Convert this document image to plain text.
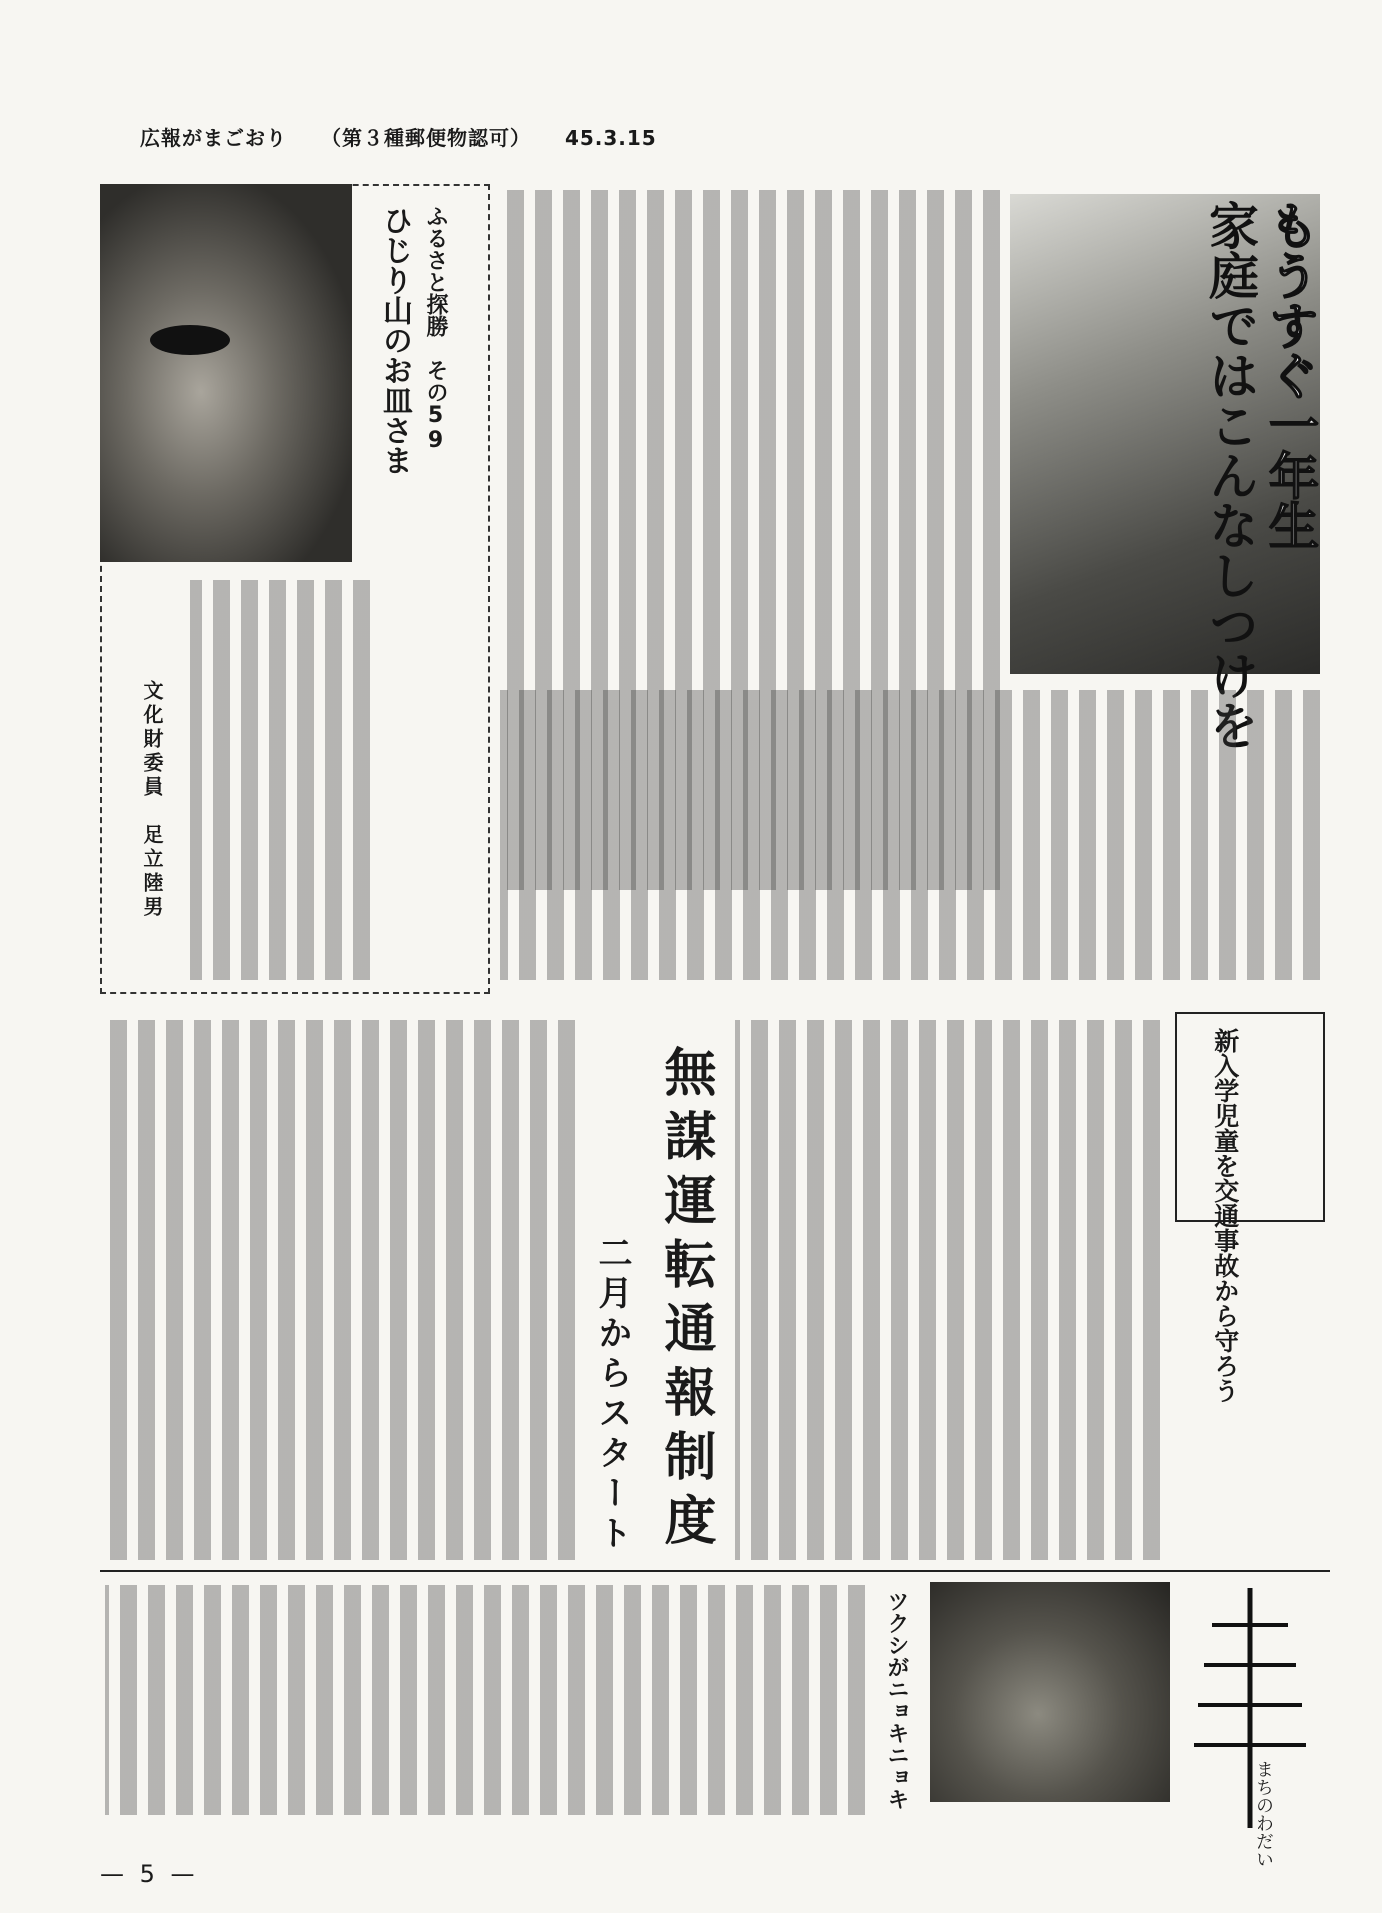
広報がまごおり （第３種郵便物認可） 45.3.15
もうすぐ一年生
家庭ではこんなしつけを
ふるさと探勝　その59
ひじり山のお皿さま
文化財委員　足立陸男
新入学児童を交通事故から守ろう
無謀運転通報制度
二月からスタート
ツクシがニョキニョキ
まちのわだい
— 5 —
